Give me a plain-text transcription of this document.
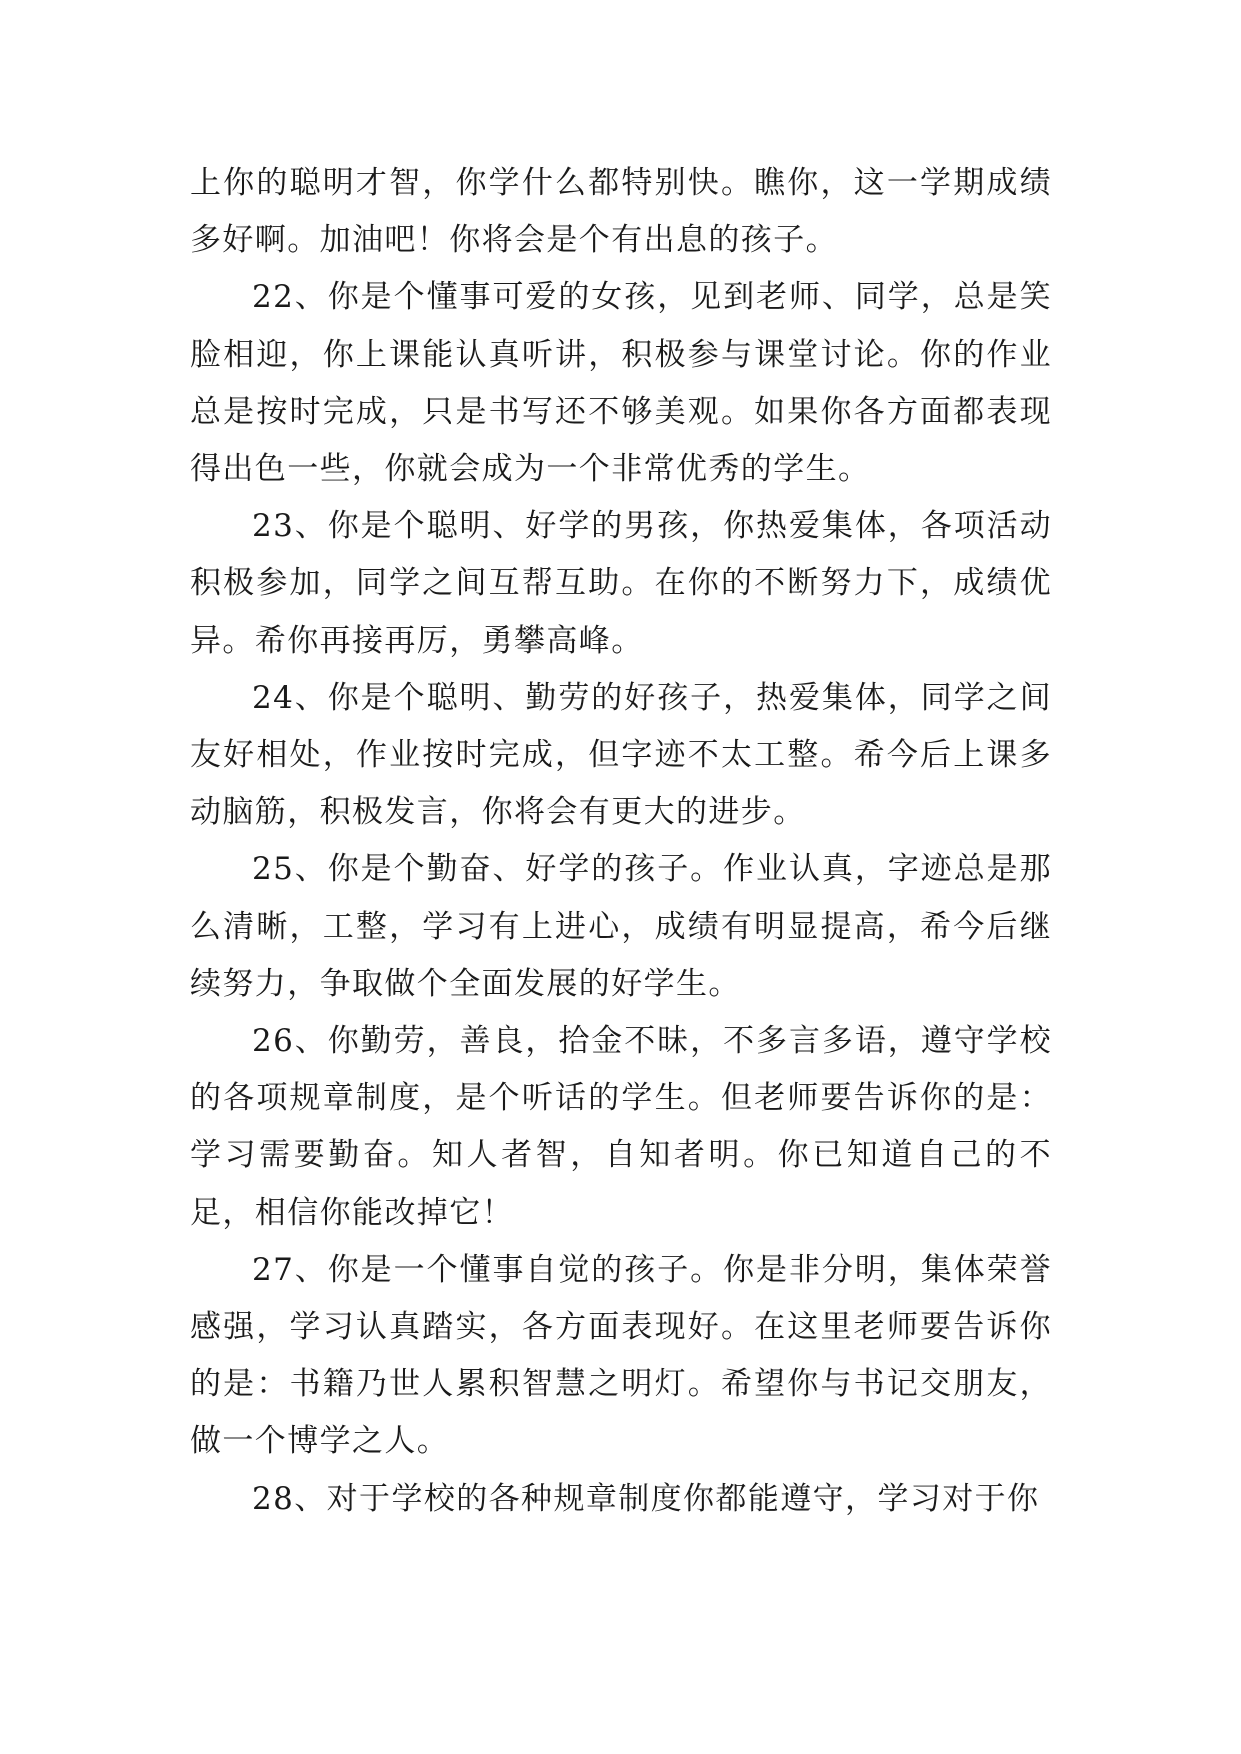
上你的聪明才智，你学什么都特别快。瞧你，这一学期成绩多好啊。加油吧！你将会是个有出息的孩子。

22、你是个懂事可爱的女孩，见到老师、同学，总是笑脸相迎，你上课能认真听讲，积极参与课堂讨论。你的作业总是按时完成，只是书写还不够美观。如果你各方面都表现得出色一些，你就会成为一个非常优秀的学生。

23、你是个聪明、好学的男孩，你热爱集体，各项活动积极参加，同学之间互帮互助。在你的不断努力下，成绩优异。希你再接再厉，勇攀高峰。

24、你是个聪明、勤劳的好孩子，热爱集体，同学之间友好相处，作业按时完成，但字迹不太工整。希今后上课多动脑筋，积极发言，你将会有更大的进步。

25、你是个勤奋、好学的孩子。作业认真，字迹总是那么清晰，工整，学习有上进心，成绩有明显提高，希今后继续努力，争取做个全面发展的好学生。

26、你勤劳，善良，拾金不昧，不多言多语，遵守学校的各项规章制度，是个听话的学生。但老师要告诉你的是：学习需要勤奋。知人者智，自知者明。你已知道自己的不足，相信你能改掉它！

27、你是一个懂事自觉的孩子。你是非分明，集体荣誉感强，学习认真踏实，各方面表现好。在这里老师要告诉你的是：书籍乃世人累积智慧之明灯。希望你与书记交朋友，做一个博学之人。

28、对于学校的各种规章制度你都能遵守，学习对于你
